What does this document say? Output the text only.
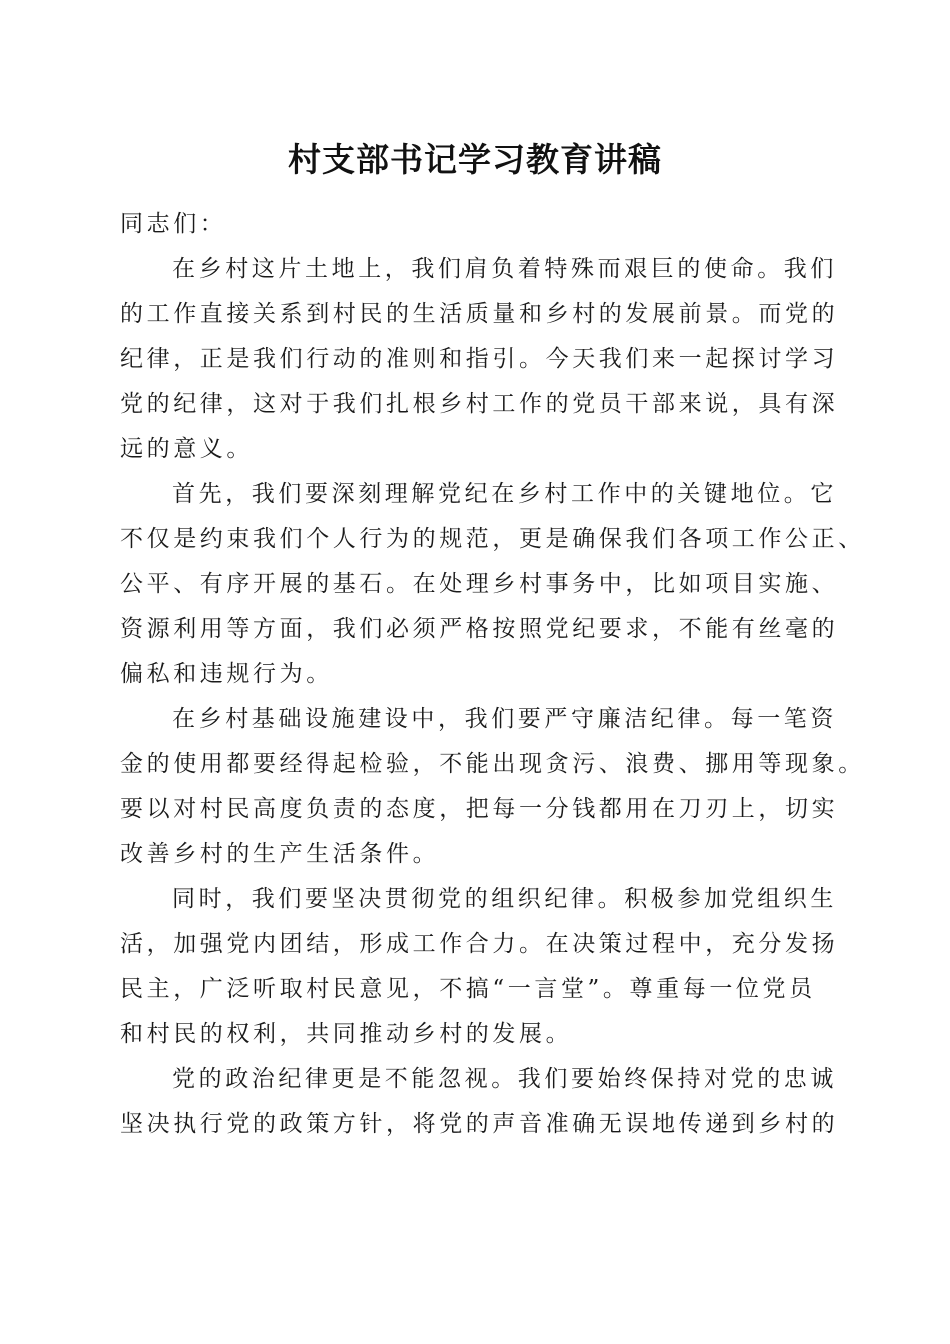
村支部书记学习教育讲稿
同志们：
在乡村这片土地上，我们肩负着特殊而艰巨的使命。我们
的工作直接关系到村民的生活质量和乡村的发展前景。而党的
纪律，正是我们行动的准则和指引。今天我们来一起探讨学习
党的纪律，这对于我们扎根乡村工作的党员干部来说，具有深
远的意义。
首先，我们要深刻理解党纪在乡村工作中的关键地位。它
不仅是约束我们个人行为的规范，更是确保我们各项工作公正、
公平、有序开展的基石。在处理乡村事务中，比如项目实施、
资源利用等方面，我们必须严格按照党纪要求，不能有丝毫的
偏私和违规行为。
在乡村基础设施建设中，我们要严守廉洁纪律。每一笔资
金的使用都要经得起检验，不能出现贪污、浪费、挪用等现象。
要以对村民高度负责的态度，把每一分钱都用在刀刃上，切实
改善乡村的生产生活条件。
同时，我们要坚决贯彻党的组织纪律。积极参加党组织生
活，加强党内团结，形成工作合力。在决策过程中，充分发扬
民主，广泛听取村民意见，不搞“一言堂”。尊重每一位党员
和村民的权利，共同推动乡村的发展。
党的政治纪律更是不能忽视。我们要始终保持对党的忠诚
坚决执行党的政策方针，将党的声音准确无误地传递到乡村的
